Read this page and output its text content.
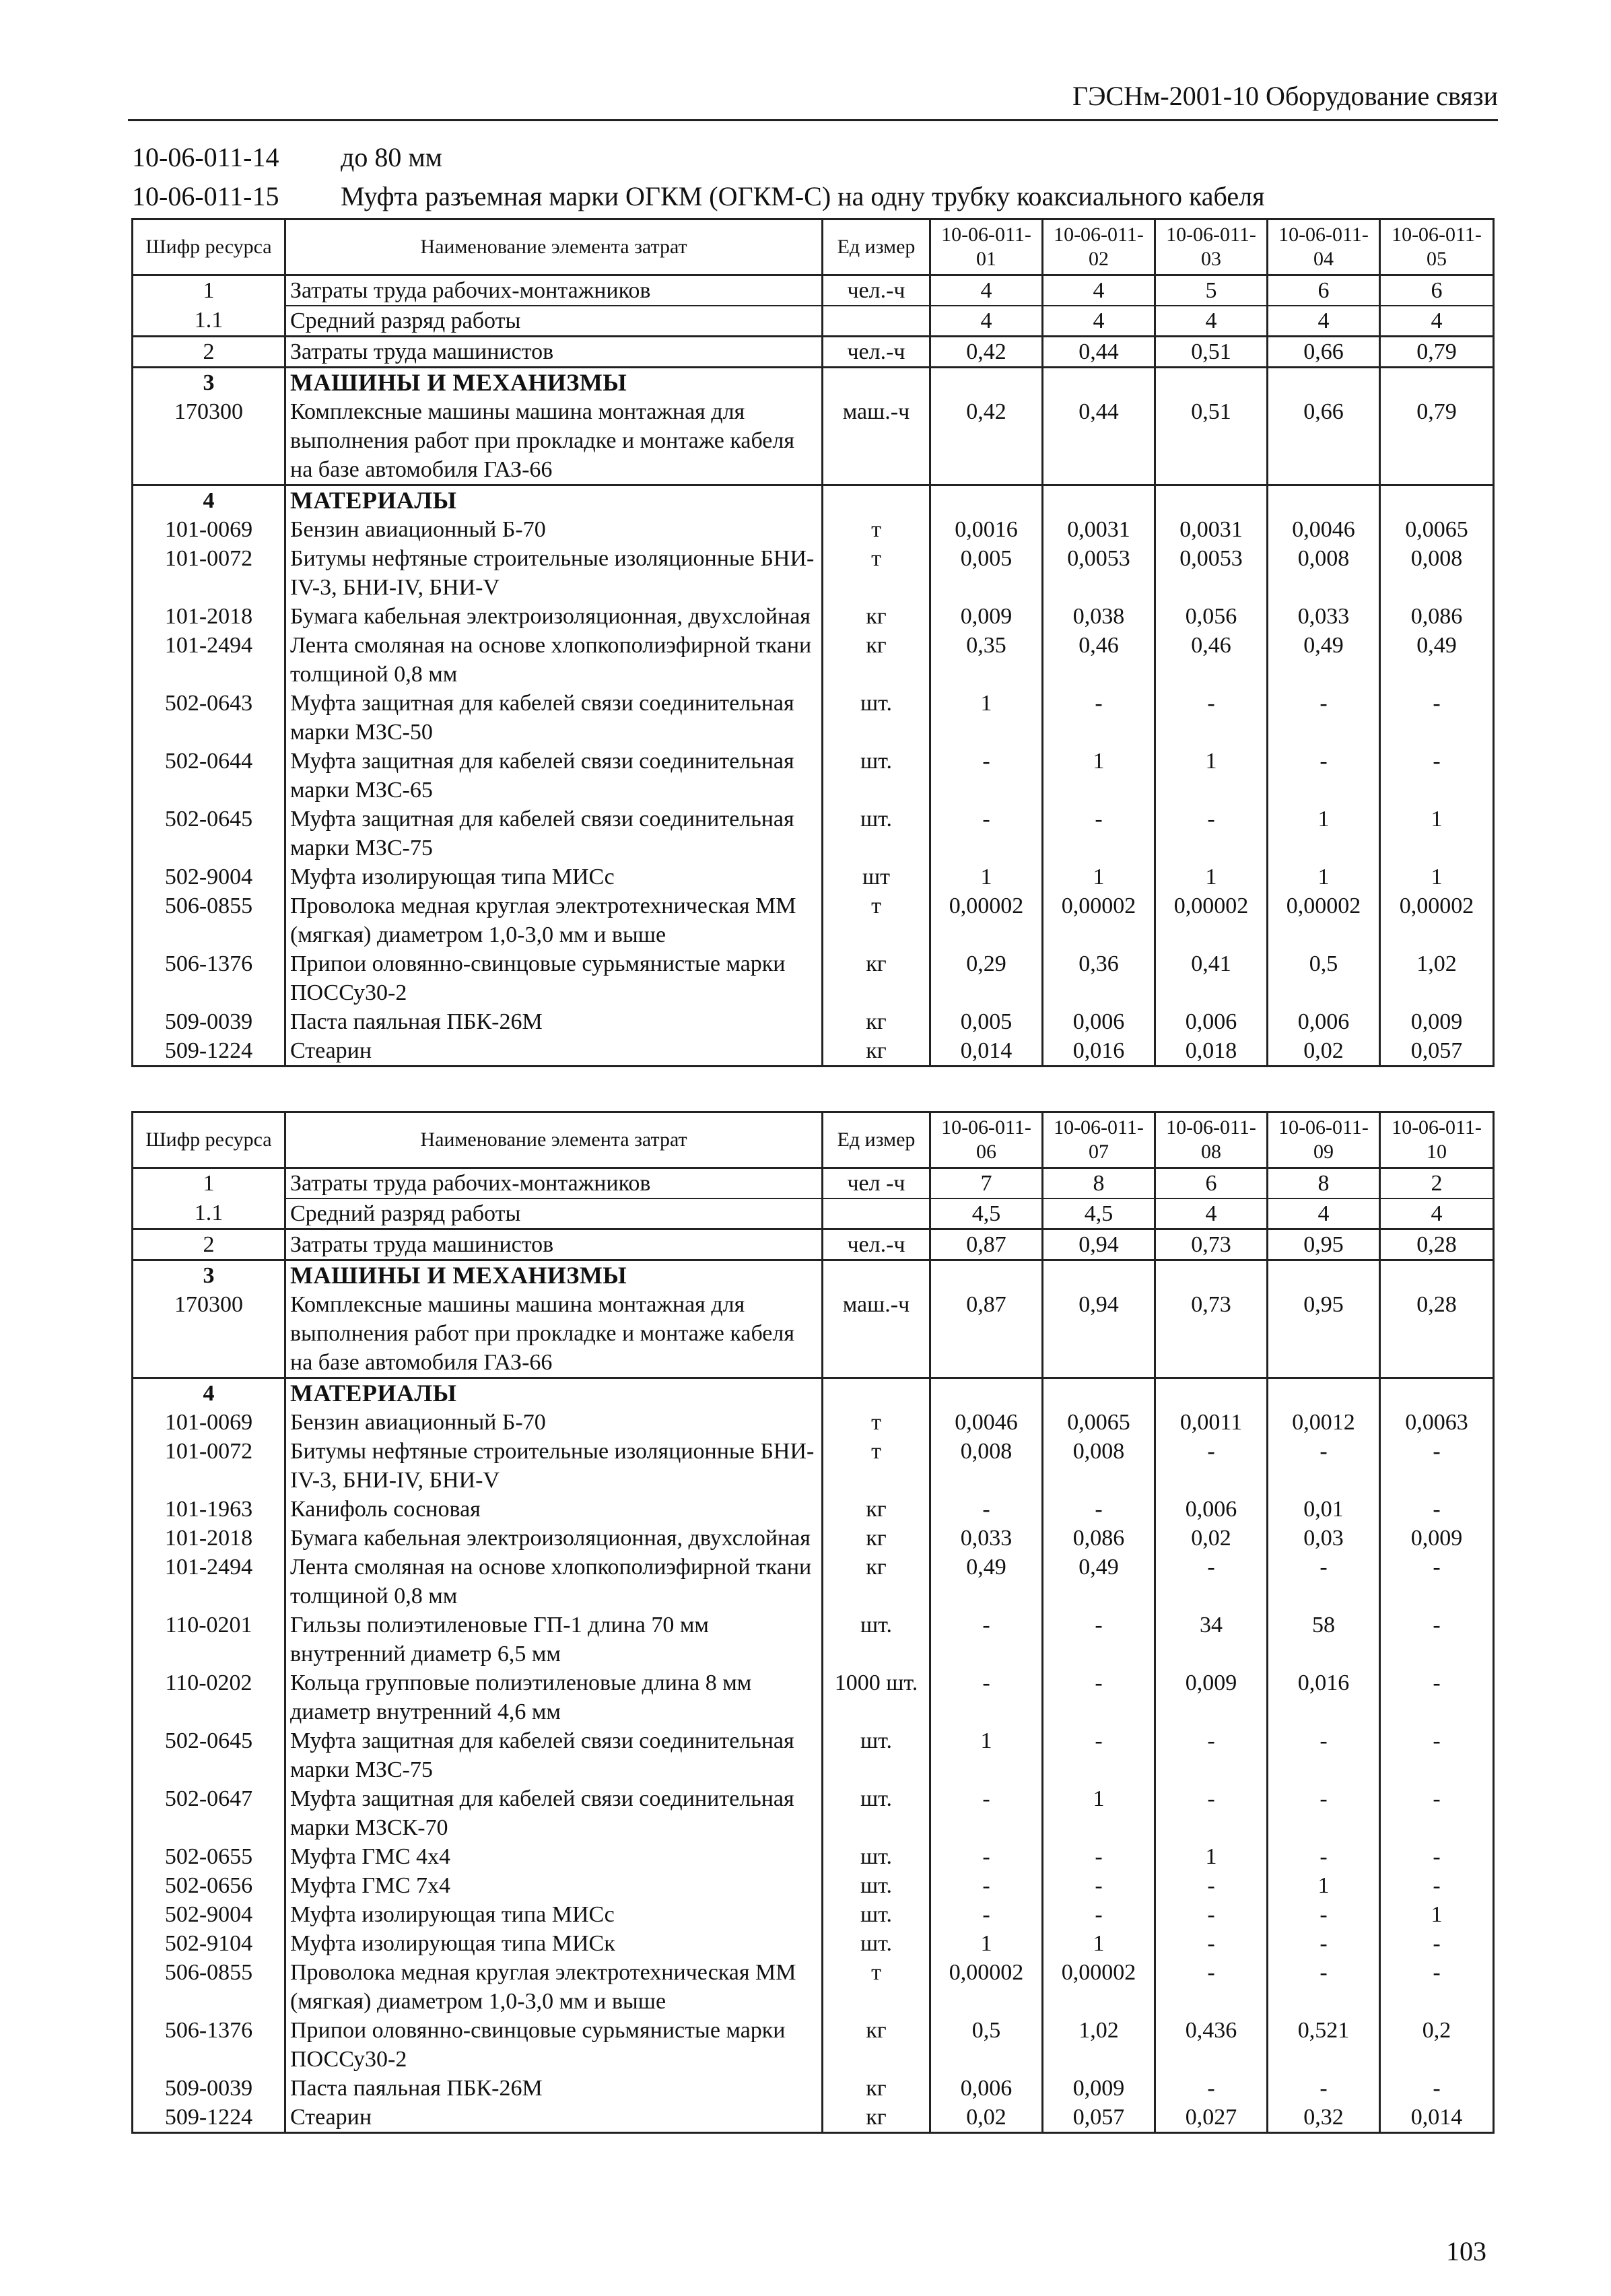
ГЭСНм-2001-10 Оборудование связи
10-06-011-14	до 80 мм
10-06-011-15	Муфта разъемная марки ОГКМ (ОГКМ-С) на одну трубку коаксиального кабеля
Шифр ресурса	Наименование элемента затрат	Ед измер	10-06-011-01	10-06-011-02	10-06-011-03	10-06-011-04	10-06-011-05
1	Затраты труда рабочих-монтажников	чел.-ч	4	4	5	6	6
1.1	Средний разряд работы		4	4	4	4	4
2	Затраты труда машинистов	чел.-ч	0,42	0,44	0,51	0,66	0,79
3	МАШИНЫ И МЕХАНИЗМЫ						
170300	Комплексные машины машина монтажная для выполнения работ при прокладке и монтаже кабеля на базе автомобиля ГАЗ-66	маш.-ч	0,42	0,44	0,51	0,66	0,79
4	МАТЕРИАЛЫ						
101-0069	Бензин авиационный Б-70	т	0,0016	0,0031	0,0031	0,0046	0,0065
101-0072	Битумы нефтяные строительные изоляционные БНИ-IV-3, БНИ-IV, БНИ-V	т	0,005	0,0053	0,0053	0,008	0,008
101-2018	Бумага кабельная электроизоляционная, двухслойная	кг	0,009	0,038	0,056	0,033	0,086
101-2494	Лента смоляная на основе хлопкополиэфирной ткани толщиной 0,8 мм	кг	0,35	0,46	0,46	0,49	0,49
502-0643	Муфта защитная для кабелей связи соединительная марки МЗС-50	шт.	1	-	-	-	-
502-0644	Муфта защитная для кабелей связи соединительная марки МЗС-65	шт.	-	1	1	-	-
502-0645	Муфта защитная для кабелей связи соединительная марки МЗС-75	шт.	-	-	-	1	1
502-9004	Муфта изолирующая типа МИСс	шт	1	1	1	1	1
506-0855	Проволока медная круглая электротехническая ММ (мягкая) диаметром 1,0-3,0 мм и выше	т	0,00002	0,00002	0,00002	0,00002	0,00002
506-1376	Припои оловянно-свинцовые сурьмянистые марки ПОССу30-2	кг	0,29	0,36	0,41	0,5	1,02
509-0039	Паста паяльная ПБК-26М	кг	0,005	0,006	0,006	0,006	0,009
509-1224	Стеарин	кг	0,014	0,016	0,018	0,02	0,057
Шифр ресурса	Наименование элемента затрат	Ед измер	10-06-011-06	10-06-011-07	10-06-011-08	10-06-011-09	10-06-011-10
1	Затраты труда рабочих-монтажников	чел -ч	7	8	6	8	2
1.1	Средний разряд работы		4,5	4,5	4	4	4
2	Затраты труда машинистов	чел.-ч	0,87	0,94	0,73	0,95	0,28
3	МАШИНЫ И МЕХАНИЗМЫ						
170300	Комплексные машины машина монтажная для выполнения работ при прокладке и монтаже кабеля на базе автомобиля ГАЗ-66	маш.-ч	0,87	0,94	0,73	0,95	0,28
4	МАТЕРИАЛЫ						
101-0069	Бензин авиационный Б-70	т	0,0046	0,0065	0,0011	0,0012	0,0063
101-0072	Битумы нефтяные строительные изоляционные БНИ-IV-3, БНИ-IV, БНИ-V	т	0,008	0,008	-	-	-
101-1963	Канифоль сосновая	кг	-	-	0,006	0,01	-
101-2018	Бумага кабельная электроизоляционная, двухслойная	кг	0,033	0,086	0,02	0,03	0,009
101-2494	Лента смоляная на основе хлопкополиэфирной ткани толщиной 0,8 мм	кг	0,49	0,49	-	-	-
110-0201	Гильзы полиэтиленовые ГП-1 длина 70 мм внутренний диаметр 6,5 мм	шт.	-	-	34	58	-
110-0202	Кольца групповые полиэтиленовые длина 8 мм диаметр внутренний 4,6 мм	1000 шт.	-	-	0,009	0,016	-
502-0645	Муфта защитная для кабелей связи соединительная марки МЗС-75	шт.	1	-	-	-	-
502-0647	Муфта защитная для кабелей связи соединительная марки МЗСК-70	шт.	-	1	-	-	-
502-0655	Муфта ГМС 4x4	шт.	-	-	1	-	-
502-0656	Муфта ГМС 7x4	шт.	-	-	-	1	-
502-9004	Муфта изолирующая типа МИСс	шт.	-	-	-	-	1
502-9104	Муфта изолирующая типа МИСк	шт.	1	1	-	-	-
506-0855	Проволока медная круглая электротехническая ММ (мягкая) диаметром 1,0-3,0 мм и выше	т	0,00002	0,00002	-	-	-
506-1376	Припои оловянно-свинцовые сурьмянистые марки ПОССу30-2	кг	0,5	1,02	0,436	0,521	0,2
509-0039	Паста паяльная ПБК-26М	кг	0,006	0,009	-	-	-
509-1224	Стеарин	кг	0,02	0,057	0,027	0,32	0,014
103
